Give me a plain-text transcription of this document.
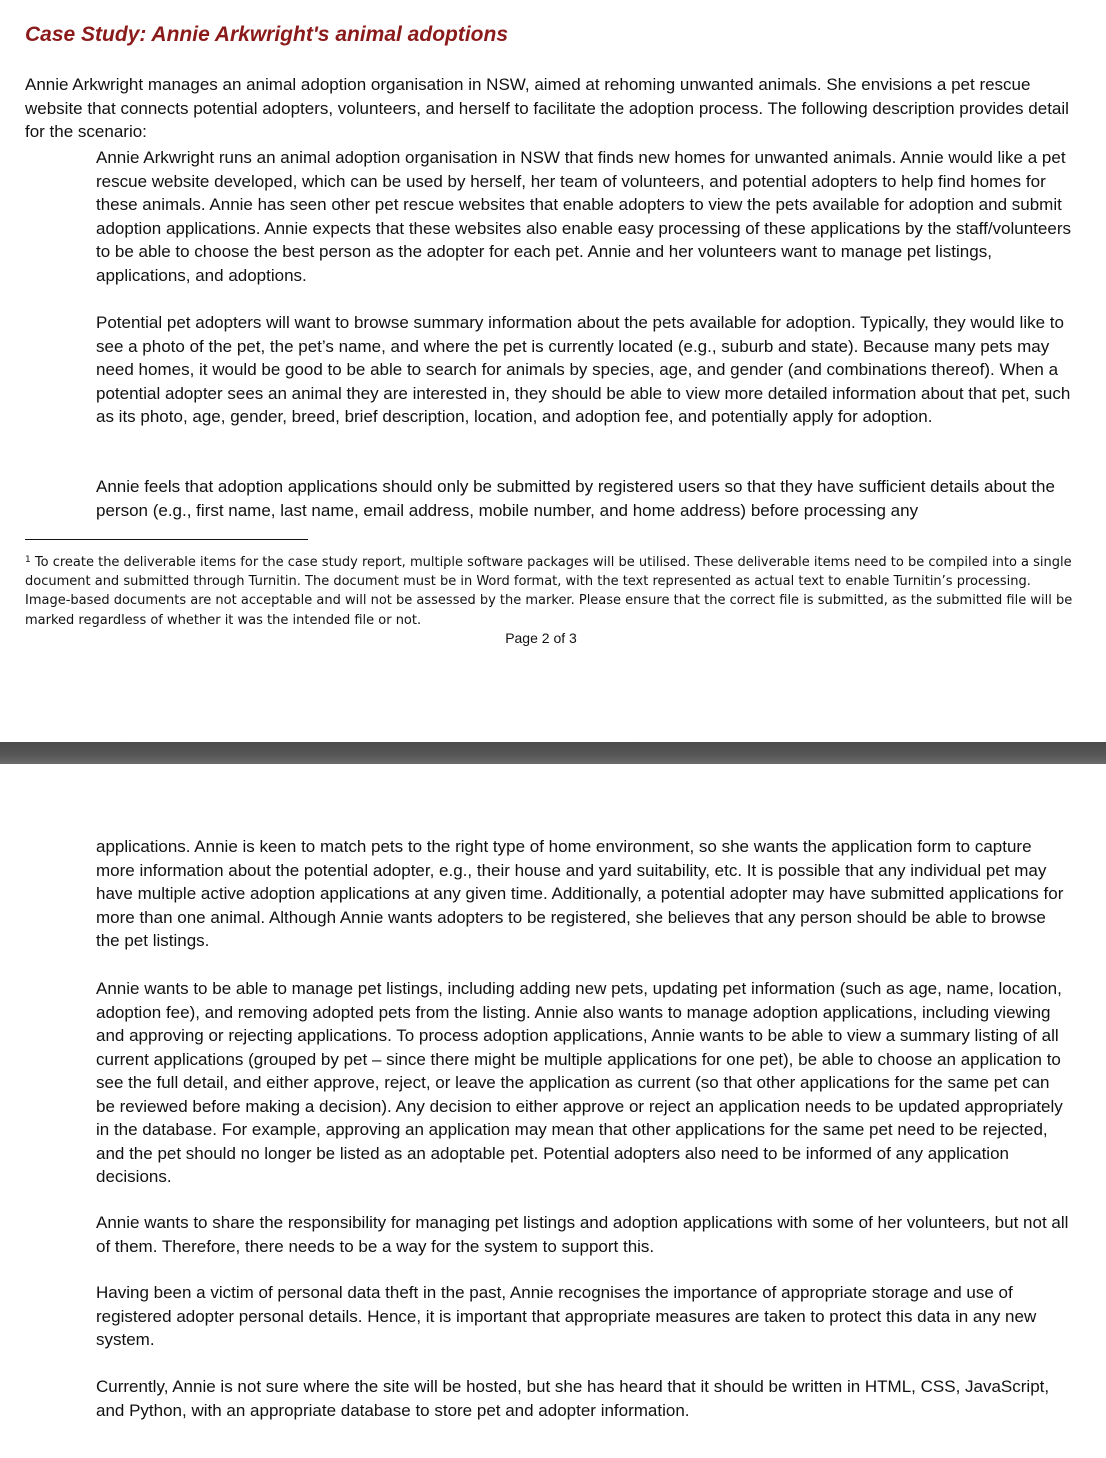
Case Study: Annie Arkwright's animal adoptions

Annie Arkwright manages an animal adoption organisation in NSW, aimed at rehoming unwanted animals. She envisions a pet rescue website that connects potential adopters, volunteers, and herself to facilitate the adoption process. The following description provides detail for the scenario:

Annie Arkwright runs an animal adoption organisation in NSW that finds new homes for unwanted animals. Annie would like a pet rescue website developed, which can be used by herself, her team of volunteers, and potential adopters to help find homes for these animals. Annie has seen other pet rescue websites that enable adopters to view the pets available for adoption and submit adoption applications. Annie expects that these websites also enable easy processing of these applications by the staff/volunteers to be able to choose the best person as the adopter for each pet. Annie and her volunteers want to manage pet listings, applications, and adoptions.

Potential pet adopters will want to browse summary information about the pets available for adoption. Typically, they would like to see a photo of the pet, the pet’s name, and where the pet is currently located (e.g., suburb and state). Because many pets may need homes, it would be good to be able to search for animals by species, age, and gender (and combinations thereof). When a potential adopter sees an animal they are interested in, they should be able to view more detailed information about that pet, such as its photo, age, gender, breed, brief description, location, and adoption fee, and potentially apply for adoption.

Annie feels that adoption applications should only be submitted by registered users so that they have sufficient details about the person (e.g., first name, last name, email address, mobile number, and home address) before processing any

$^1$ To create the deliverable items for the case study report, multiple software packages will be utilised. These deliverable items need to be compiled into a single document and submitted through Turnitin. The document must be in Word format, with the text represented as actual text to enable Turnitin’s processing. Image-based documents are not acceptable and will not be assessed by the marker. Please ensure that the correct file is submitted, as the submitted file will be marked regardless of whether it was the intended file or not.

Page 2 of 3

applications. Annie is keen to match pets to the right type of home environment, so she wants the application form to capture more information about the potential adopter, e.g., their house and yard suitability, etc. It is possible that any individual pet may have multiple active adoption applications at any given time. Additionally, a potential adopter may have submitted applications for more than one animal. Although Annie wants adopters to be registered, she believes that any person should be able to browse the pet listings.

Annie wants to be able to manage pet listings, including adding new pets, updating pet information (such as age, name, location, adoption fee), and removing adopted pets from the listing. Annie also wants to manage adoption applications, including viewing and approving or rejecting applications. To process adoption applications, Annie wants to be able to view a summary listing of all current applications (grouped by pet – since there might be multiple applications for one pet), be able to choose an application to see the full detail, and either approve, reject, or leave the application as current (so that other applications for the same pet can be reviewed before making a decision). Any decision to either approve or reject an application needs to be updated appropriately in the database. For example, approving an application may mean that other applications for the same pet need to be rejected, and the pet should no longer be listed as an adoptable pet. Potential adopters also need to be informed of any application decisions.

Annie wants to share the responsibility for managing pet listings and adoption applications with some of her volunteers, but not all of them. Therefore, there needs to be a way for the system to support this.

Having been a victim of personal data theft in the past, Annie recognises the importance of appropriate storage and use of registered adopter personal details. Hence, it is important that appropriate measures are taken to protect this data in any new system.

Currently, Annie is not sure where the site will be hosted, but she has heard that it should be written in HTML, CSS, JavaScript, and Python, with an appropriate database to store pet and adopter information.
